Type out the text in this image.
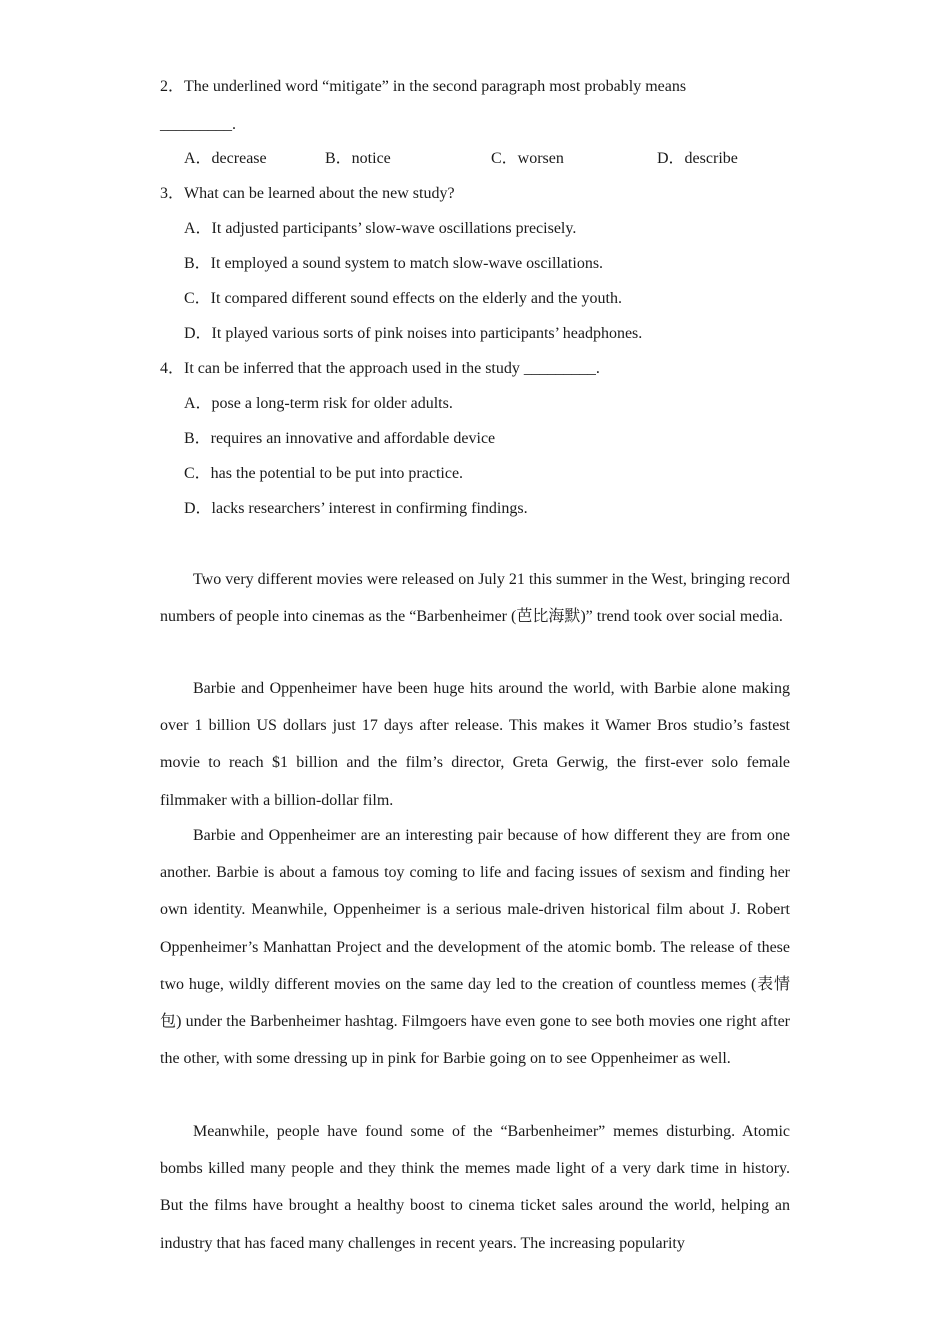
2．The underlined word “mitigate” in the second paragraph most probably means
_________.
A．decrease	B．notice	C．worsen	D．describe
3．What can be learned about the new study?
A．It adjusted participants’ slow-wave oscillations precisely.
B．It employed a sound system to match slow-wave oscillations.
C．It compared different sound effects on the elderly and the youth.
D．It played various sorts of pink noises into participants’ headphones.
4．It can be inferred that the approach used in the study _________.
A．pose a long-term risk for older adults.
B．requires an innovative and affordable device
C．has the potential to be put into practice.
D．lacks researchers’ interest in confirming findings.
Two very different movies were released on July 21 this summer in the West, bringing record numbers of people into cinemas as the “Barbenheimer (芭比海默)” trend took over social media.
Barbie and Oppenheimer have been huge hits around the world, with Barbie alone making over 1 billion US dollars just 17 days after release. This makes it Wamer Bros studio’s fastest movie to reach $1 billion and the film’s director, Greta Gerwig, the first-ever solo female filmmaker with a billion-dollar film.
Barbie and Oppenheimer are an interesting pair because of how different they are from one another. Barbie is about a famous toy coming to life and facing issues of sexism and finding her own identity. Meanwhile, Oppenheimer is a serious male-driven historical film about J. Robert Oppenheimer’s Manhattan Project and the development of the atomic bomb. The release of these two huge, wildly different movies on the same day led to the creation of countless memes (表情包) under the Barbenheimer hashtag. Filmgoers have even gone to see both movies one right after the other, with some dressing up in pink for Barbie going on to see Oppenheimer as well.
Meanwhile, people have found some of the “Barbenheimer” memes disturbing. Atomic bombs killed many people and they think the memes made light of a very dark time in history. But the films have brought a healthy boost to cinema ticket sales around the world, helping an industry that has faced many challenges in recent years. The increasing popularity
